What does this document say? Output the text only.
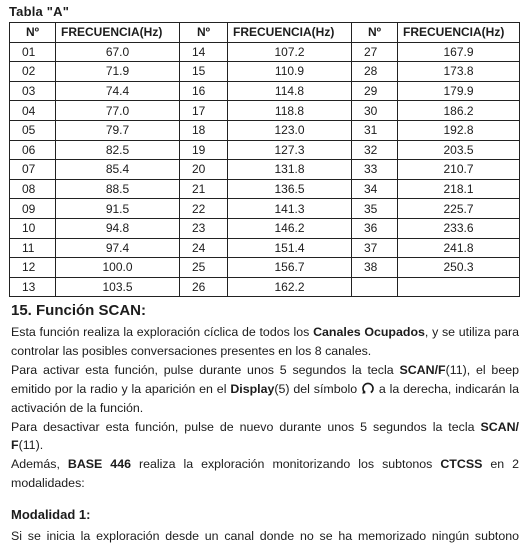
Tabla "A"
Nº	FRECUENCIA(Hz)	Nº	FRECUENCIA(Hz)	Nº	FRECUENCIA(Hz)
01	67.0	14	107.2	27	167.9
02	71.9	15	110.9	28	173.8
03	74.4	16	114.8	29	179.9
04	77.0	17	118.8	30	186.2
05	79.7	18	123.0	31	192.8
06	82.5	19	127.3	32	203.5
07	85.4	20	131.8	33	210.7
08	88.5	21	136.5	34	218.1
09	91.5	22	141.3	35	225.7
10	94.8	23	146.2	36	233.6
11	97.4	24	151.4	37	241.8
12	100.0	25	156.7	38	250.3
13	103.5	26	162.2		
15. Función SCAN:

Esta función realiza la exploración cíclica de todos los Canales Ocupados, y se utiliza para controlar las posibles conversaciones presentes en los 8 canales.

Para activar esta función, pulse durante unos 5 segundos la tecla SCAN/F(11), el beep emitido por la radio y la aparición en el Display(5) del símbolo  a la derecha, indicarán la activación de la función.

Para desactivar esta función, pulse de nuevo durante unos 5 segundos la tecla SCAN/ F(11).

Además, BASE 446 realiza la exploración monitorizando los subtonos CTCSS en 2 modalidades:

Modalidad 1:

Si se inicia la exploración desde un canal donde no se ha memorizado ningún subtono
